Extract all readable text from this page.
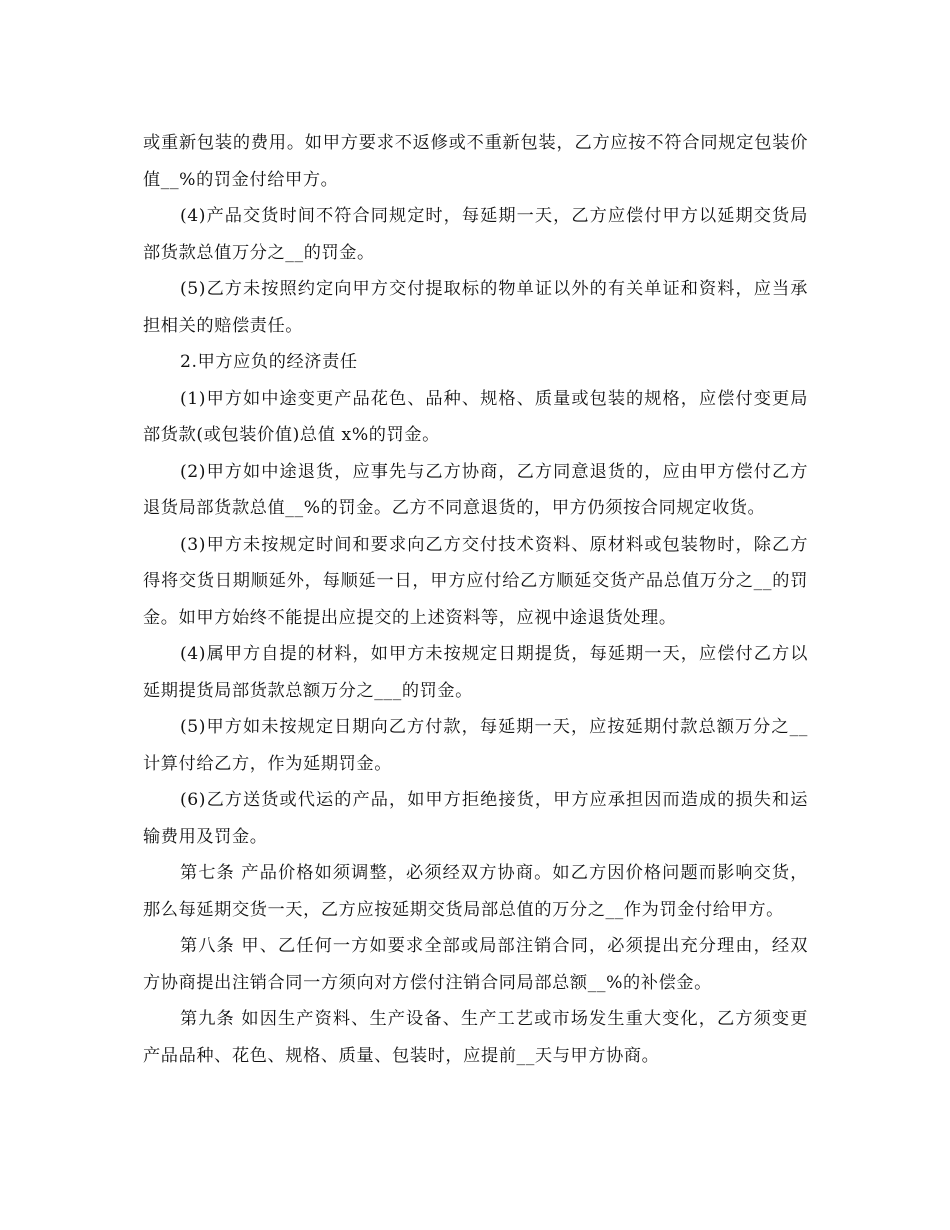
或重新包装的费用。如甲方要求不返修或不重新包装，乙方应按不符合同规定包装价值__%的罚金付给甲方。

(4)产品交货时间不符合同规定时，每延期一天，乙方应偿付甲方以延期交货局部货款总值万分之__的罚金。

(5)乙方未按照约定向甲方交付提取标的物单证以外的有关单证和资料，应当承担相关的赔偿责任。

2.甲方应负的经济责任

(1)甲方如中途变更产品花色、品种、规格、质量或包装的规格，应偿付变更局部货款(或包装价值)总值 x%的罚金。

(2)甲方如中途退货，应事先与乙方协商，乙方同意退货的，应由甲方偿付乙方退货局部货款总值__%的罚金。乙方不同意退货的，甲方仍须按合同规定收货。

(3)甲方未按规定时间和要求向乙方交付技术资料、原材料或包装物时，除乙方得将交货日期顺延外，每顺延一日，甲方应付给乙方顺延交货产品总值万分之__的罚金。如甲方始终不能提出应提交的上述资料等，应视中途退货处理。

(4)属甲方自提的材料，如甲方未按规定日期提货，每延期一天，应偿付乙方以延期提货局部货款总额万分之___的罚金。

(5)甲方如未按规定日期向乙方付款，每延期一天，应按延期付款总额万分之__计算付给乙方，作为延期罚金。

(6)乙方送货或代运的产品，如甲方拒绝接货，甲方应承担因而造成的损失和运输费用及罚金。

第七条 产品价格如须调整，必须经双方协商。如乙方因价格问题而影响交货，那么每延期交货一天，乙方应按延期交货局部总值的万分之__作为罚金付给甲方。

第八条 甲、乙任何一方如要求全部或局部注销合同，必须提出充分理由，经双方协商提出注销合同一方须向对方偿付注销合同局部总额__%的补偿金。

第九条 如因生产资料、生产设备、生产工艺或市场发生重大变化，乙方须变更产品品种、花色、规格、质量、包装时，应提前__天与甲方协商。
